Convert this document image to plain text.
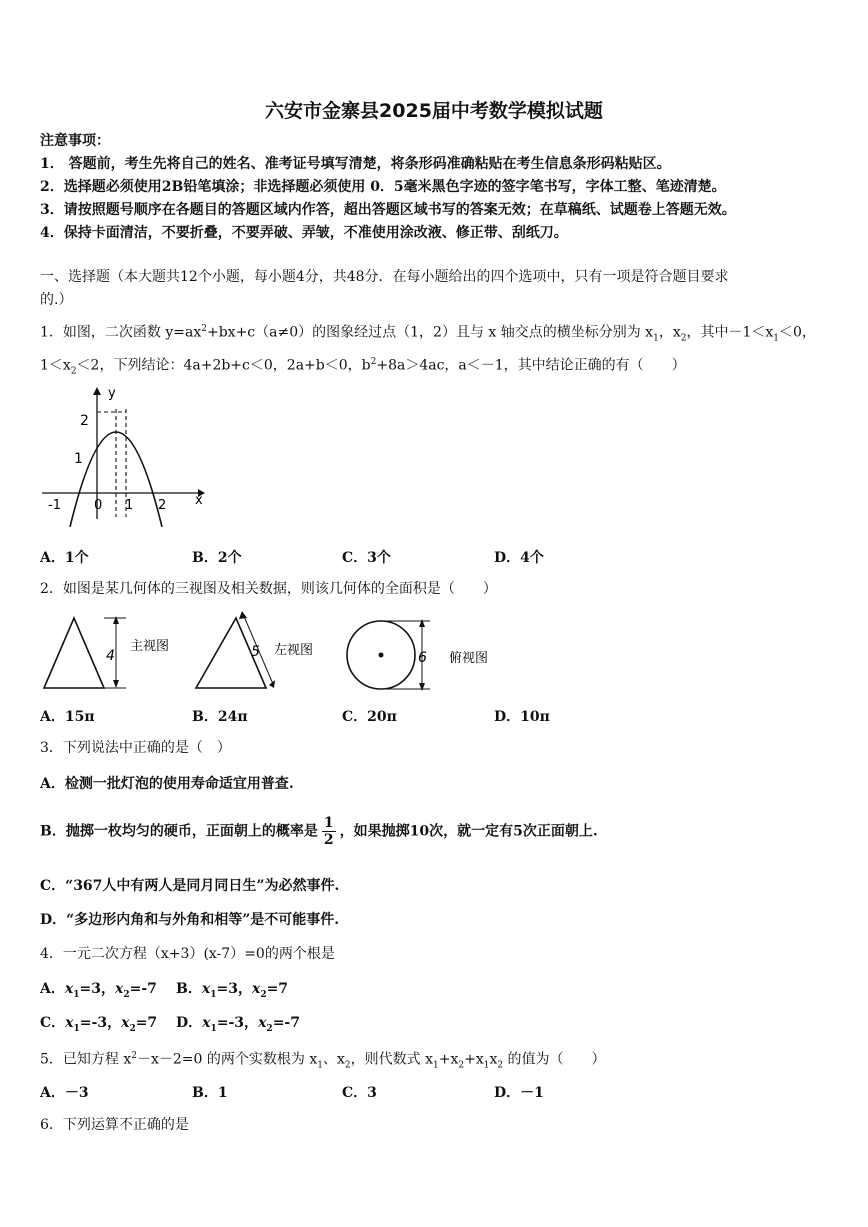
六安市金寨县2025届中考数学模拟试题
注意事项：
1． 答题前，考生先将自己的姓名、准考证号填写清楚，将条形码准确粘贴在考生信息条形码粘贴区。
2．选择题必须使用2B铅笔填涂；非选择题必须使用 0．5毫米黑色字迹的签字笔书写，字体工整、笔迹清楚。
3．请按照题号顺序在各题目的答题区域内作答，超出答题区域书写的答案无效；在草稿纸、试题卷上答题无效。
4．保持卡面清洁，不要折叠，不要弄破、弄皱，不准使用涂改液、修正带、刮纸刀。
一、选择题（本大题共12个小题，每小题4分，共48分．在每小题给出的四个选项中，只有一项是符合题目要求
的.）
1．如图，二次函数 $y=ax^2+bx+c(a\ne 0)$的图象经过点（1，2）且与 x 轴交点的横坐标分别为 $x_1$，$x_2$，其中$-1<x_1<0$，
$1<x_2<2$，下列结论：4a+2b+c＜0，2a+b＜0，$b^2+8a>4ac$，a＜－1，其中结论正确的有（　　）
y
x
2
1
-1	0 1 2
A．1个	B．2个	C．3个	D．4个
2．如图是某几何体的三视图及相关数据，则该几何体的全面积是（　　）
4
主视图	5 左视图	6 俯视图
A．15π	B．24π	C．20π	D．10π
3．下列说法中正确的是（　）
A．检测一批灯泡的使用寿命适宜用普查.
B．抛掷一枚均匀的硬币，正面朝上的概率是 $\frac{1}{2}$ ，如果抛掷10次，就一定有5次正面朝上.
C．“367人中有两人是同月同日生”为必然事件.
D．“多边形内角和与外角和相等”是不可能事件.
4．一元二次方程（x+3）(x-7）=0的两个根是
A．$x_1=3$，$x_2=-7$ B．$x_1=3$，$x_2=7$
C．$x_1=-3$，$x_2=7$ D．$x_1=-3$，$x_2=-7$
5．已知方程 $x^2-x-2=0$ 的两个实数根为 $x_1$、$x_2$，则代数式 $x_1+x_2+x_1x_2$ 的值为（　　）
A．－3	B．1	C．3	D．－1
6．下列运算不正确的是
